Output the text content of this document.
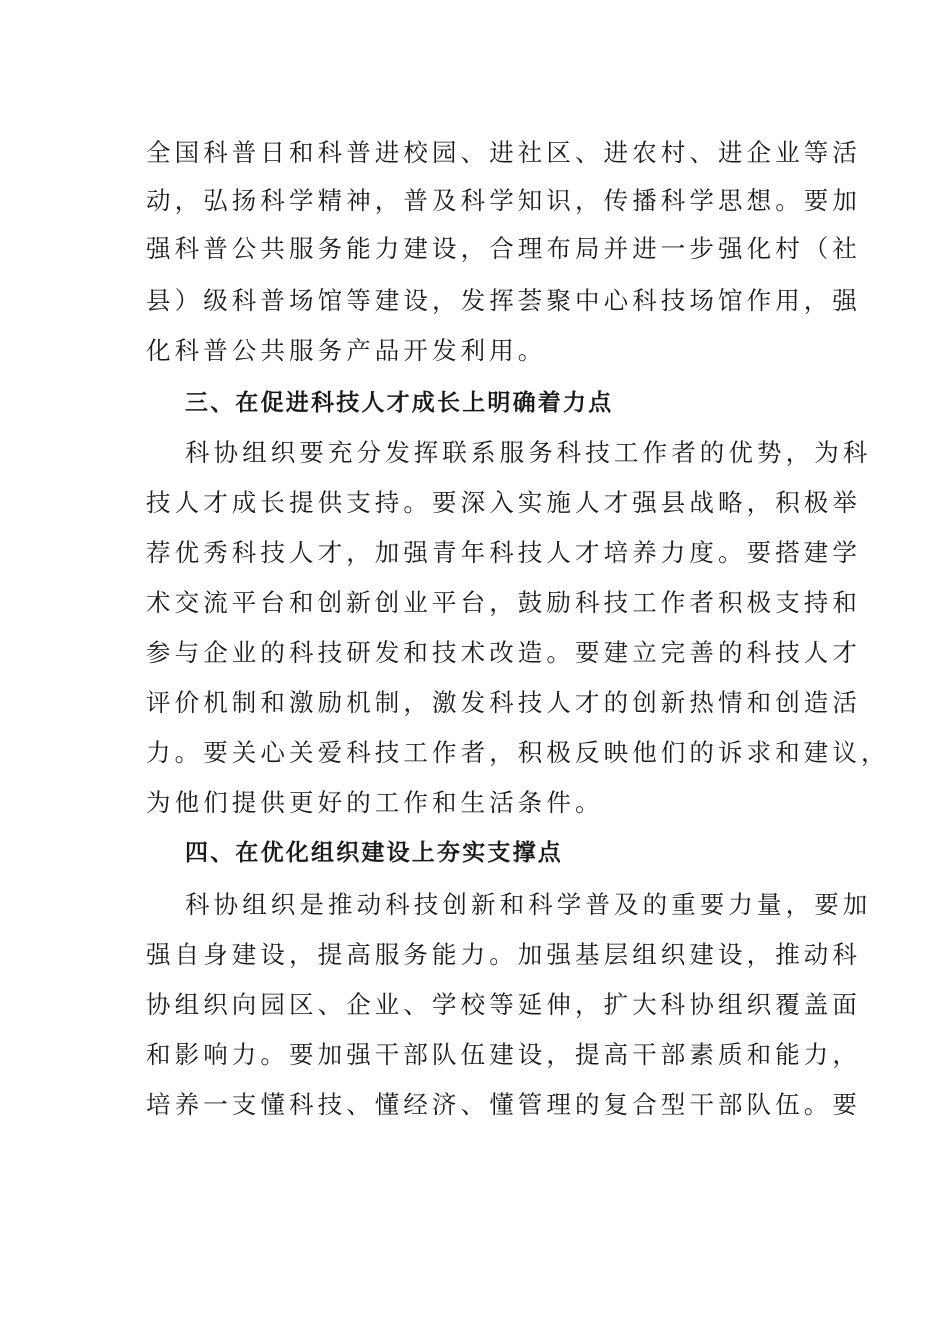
全国科普日和科普进校园、进社区、进农村、进企业等活
动，弘扬科学精神，普及科学知识，传播科学思想。要加
强科普公共服务能力建设，合理布局并进一步强化村（社
县）级科普场馆等建设，发挥荟聚中心科技场馆作用，强
化科普公共服务产品开发利用。
三、在促进科技人才成长上明确着力点
科协组织要充分发挥联系服务科技工作者的优势，为科
技人才成长提供支持。要深入实施人才强县战略，积极举
荐优秀科技人才，加强青年科技人才培养力度。要搭建学
术交流平台和创新创业平台，鼓励科技工作者积极支持和
参与企业的科技研发和技术改造。要建立完善的科技人才
评价机制和激励机制，激发科技人才的创新热情和创造活
力。要关心关爱科技工作者，积极反映他们的诉求和建议，
为他们提供更好的工作和生活条件。
四、在优化组织建设上夯实支撑点
科协组织是推动科技创新和科学普及的重要力量，要加
强自身建设，提高服务能力。加强基层组织建设，推动科
协组织向园区、企业、学校等延伸，扩大科协组织覆盖面
和影响力。要加强干部队伍建设，提高干部素质和能力，
培养一支懂科技、懂经济、懂管理的复合型干部队伍。要
